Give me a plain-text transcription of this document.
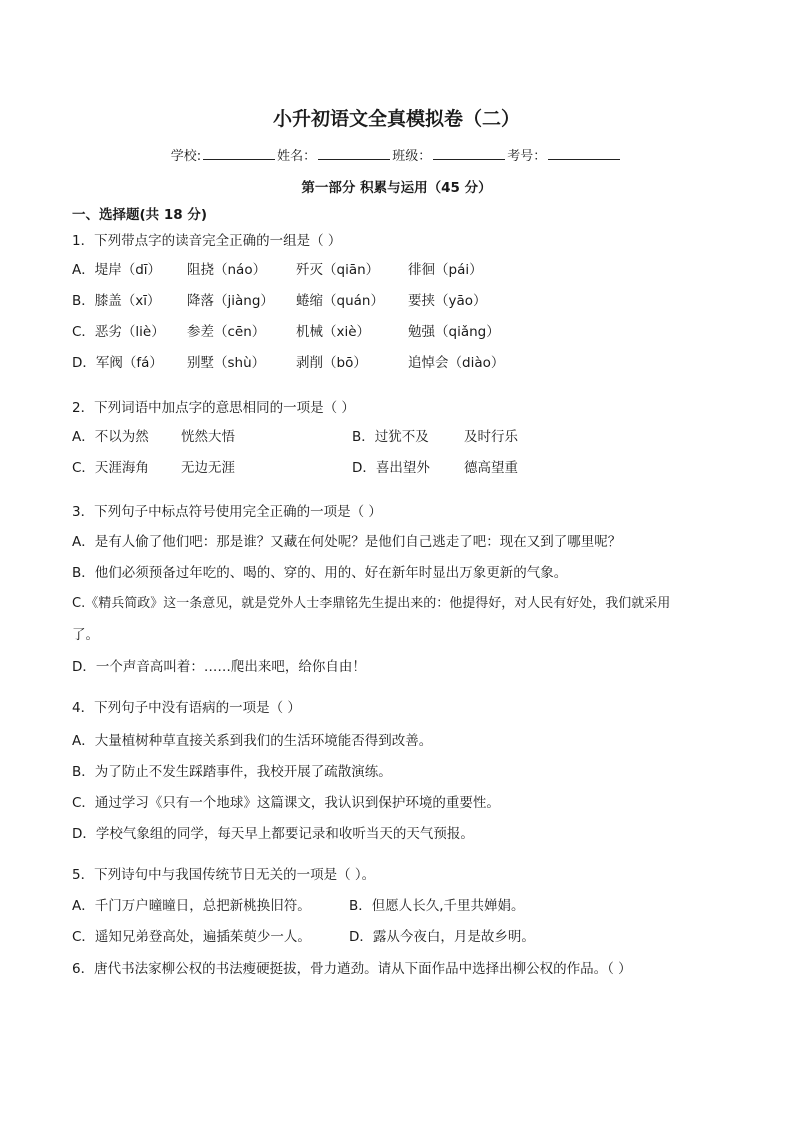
小升初语文全真模拟卷（二）
学校:	姓名：	班级：	考号：
第一部分 积累与运用（45 分）
一、选择题(共 18 分)
1．下列带点字的读音完全正确的一组是（ ）
A．堤岸（dī） 阻挠（náo） 歼灭（qiān） 徘徊（pái）
B．膝盖（xī） 降落（jiàng） 蜷缩（quán） 要挟（yāo）
C．恶劣（liè） 参差（cēn） 机械（xiè）	勉强（qiǎng）
D．军阀（fá） 别墅（shù） 剥削（bō）	追悼会（diào）
2．下列词语中加点字的意思相同的一项是（ ）
A．不以为然 恍然大悟	B．过犹不及	及时行乐
C．天涯海角 无边无涯	D．喜出望外	德高望重
3．下列句子中标点符号使用完全正确的一项是（ ）
A．是有人偷了他们吧：那是谁？又藏在何处呢？是他们自己逃走了吧：现在又到了哪里呢？
B．他们必须预备过年吃的、喝的、穿的、用的、好在新年时显出万象更新的气象。
C.《精兵简政》这一条意见，就是党外人士李鼎铭先生提出来的：他提得好，对人民有好处，我们就采用
了。
D．一个声音高叫着：……爬出来吧，给你自由！
4．下列句子中没有语病的一项是（ ）
A．大量植树种草直接关系到我们的生活环境能否得到改善。
B．为了防止不发生踩踏事件，我校开展了疏散演练。
C．通过学习《只有一个地球》这篇课文，我认识到保护环境的重要性。
D．学校气象组的同学，每天早上都要记录和收听当天的天气预报。
5．下列诗句中与我国传统节日无关的一项是（ ）。
A．千门万户曈曈日，总把新桃换旧符。	B．但愿人长久,千里共婵娟。
C．遥知兄弟登高处，遍插茱萸少一人。	D．露从今夜白，月是故乡明。
6．唐代书法家柳公权的书法瘦硬挺拔，骨力遒劲。请从下面作品中选择出柳公权的作品。（ ）
